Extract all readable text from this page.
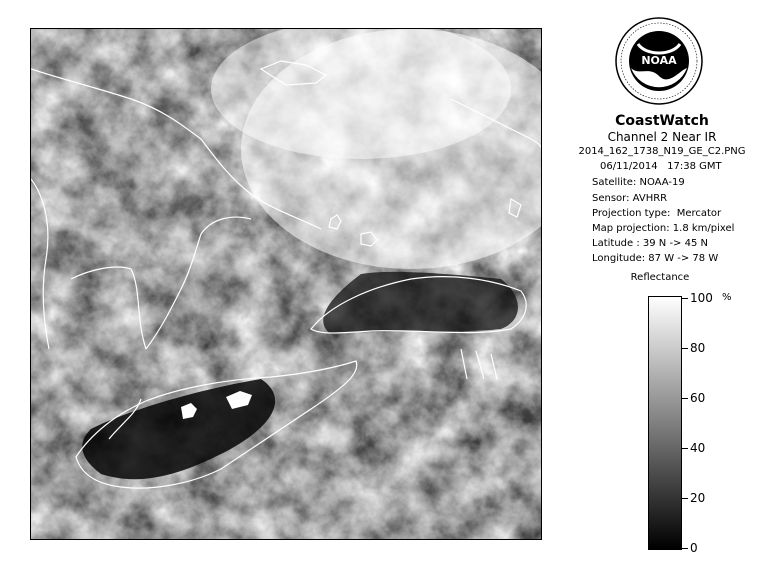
NOAA
CoastWatch
Channel 2 Near IR
2014_162_1738_N19_GE_C2.PNG
06/11/2014   17:38 GMT
Satellite: NOAA-19
Sensor: AVHRR
Projection type:  Mercator
Map projection: 1.8 km/pixel
Latitude : 39 N -> 45 N
Longitude: 87 W -> 78 W
Reflectance
%
100
80
60
40
20
0
